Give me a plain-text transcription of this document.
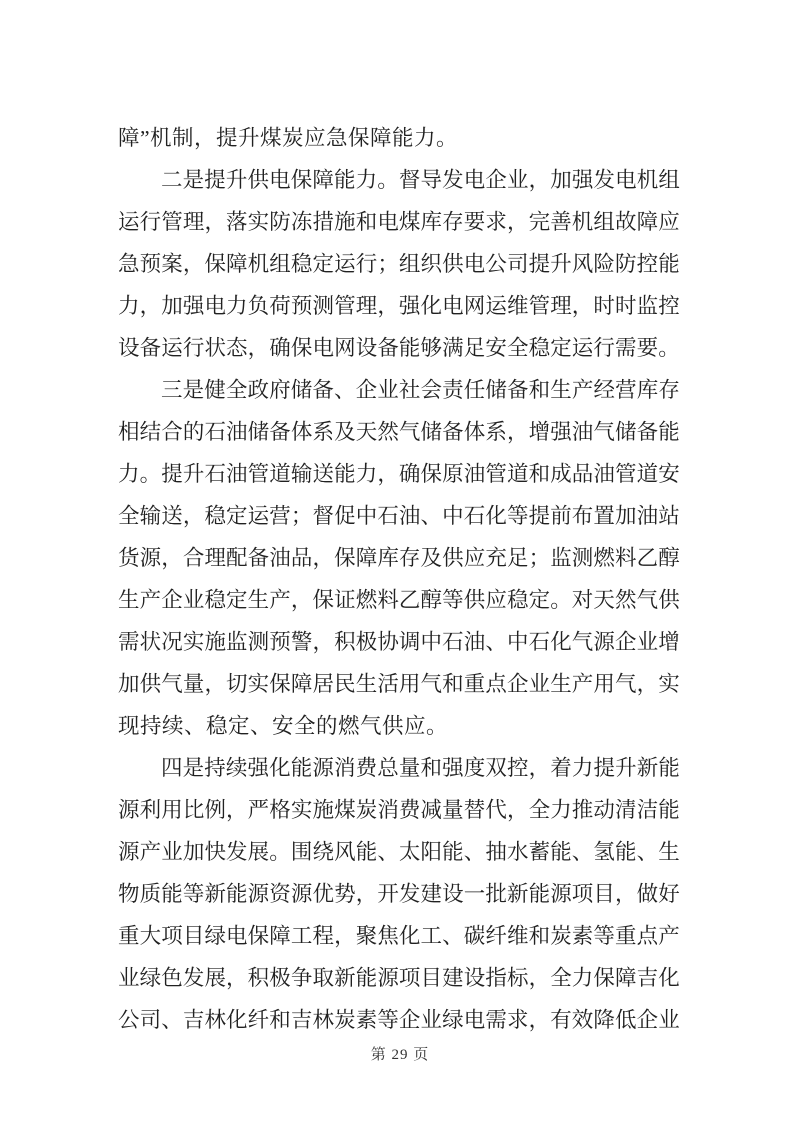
障”机制，提升煤炭应急保障能力。
二 是 提 升 供 电 保 障 能 力 。 督 导 发 电 企 业 ， 加 强 发 电 机 组
运 行 管 理 ， 落 实 防 冻 措 施 和 电 煤 库 存 要 求 ， 完 善 机 组 故 障 应
急 预 案 ， 保 障 机 组 稳 定 运 行 ； 组 织 供 电 公 司 提 升 风 险 防 控 能
力 ， 加 强 电 力 负 荷 预 测 管 理 ， 强 化 电 网 运 维 管 理 ， 时 时 监 控
设 备 运 行 状 态 ， 确 保 电 网 设 备 能 够 满 足 安 全 稳 定 运 行 需 要 。
三 是 健 全 政 府 储 备 、 企 业 社 会 责 任 储 备 和 生 产 经 营 库 存
相 结 合 的 石 油 储 备 体 系 及 天 然 气 储 备 体 系 ， 增 强 油 气 储 备 能
力 。 提 升 石 油 管 道 输 送 能 力 ， 确 保 原 油 管 道 和 成 品 油 管 道 安
全 输 送 ， 稳 定 运 营 ； 督 促 中 石 油 、 中 石 化 等 提 前 布 置 加 油 站
货 源 ， 合 理 配 备 油 品 ， 保 障 库 存 及 供 应 充 足 ； 监 测 燃 料 乙 醇
生 产 企 业 稳 定 生 产 ， 保 证 燃 料 乙 醇 等 供 应 稳 定 。 对 天 然 气 供
需 状 况 实 施 监 测 预 警 ， 积 极 协 调 中 石 油 、 中 石 化 气 源 企 业 增
加 供 气 量 ， 切 实 保 障 居 民 生 活 用 气 和 重 点 企 业 生 产 用 气 ， 实
现持续、稳定、安全的燃气供应。
四 是 持 续 强 化 能 源 消 费 总 量 和 强 度 双 控 ， 着 力 提 升 新 能
源 利 用 比 例 ， 严 格 实 施 煤 炭 消 费 减 量 替 代 ， 全 力 推 动 清 洁 能
源 产 业 加 快 发 展 。 围 绕 风 能 、 太 阳 能 、 抽 水 蓄 能 、 氢 能 、 生
物 质 能 等 新 能 源 资 源 优 势 ， 开 发 建 设 一 批 新 能 源 项 目 ， 做 好
重 大 项 目 绿 电 保 障 工 程 ， 聚 焦 化 工 、 碳 纤 维 和 炭 素 等 重 点 产
业 绿 色 发 展 ， 积 极 争 取 新 能 源 项 目 建 设 指 标 ， 全 力 保 障 吉 化
公 司 、 吉 林 化 纤 和 吉 林 炭 素 等 企 业 绿 电 需 求 ， 有 效 降 低 企 业
第 29 页
